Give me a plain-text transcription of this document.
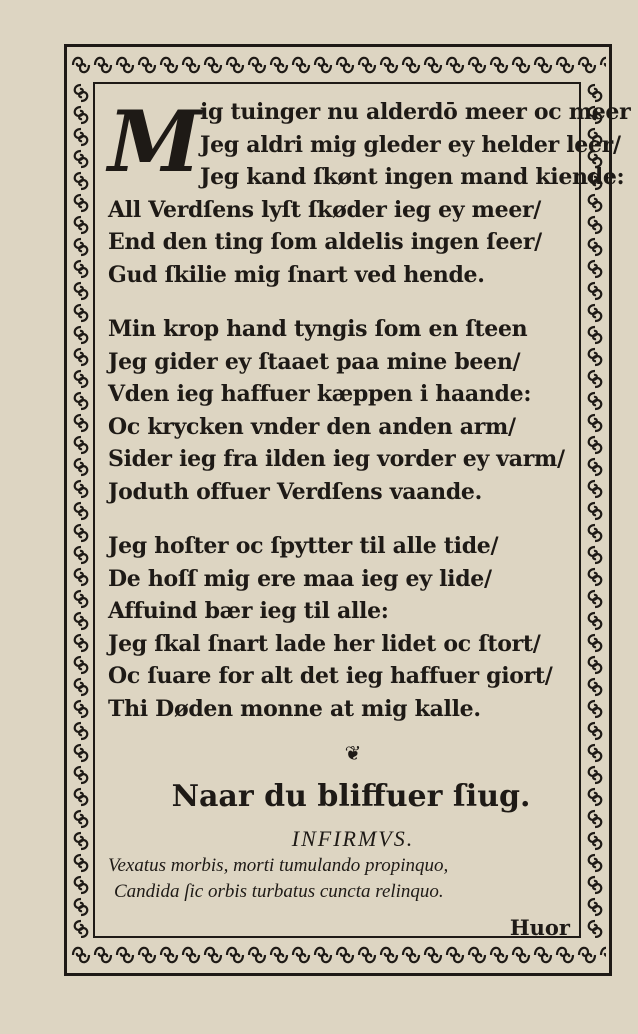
M ig tuinger nu alderdō meer oc meer
Jeg aldri mig gleder ey helder leer/
Jeg kand ſkønt ingen mand kiende:
All Verdſens lyſt ſkøder ieg ey meer/
End den ting ſom aldelis ingen ſeer/
Gud ſkilie mig ſnart ved hende.
Min krop hand tyngis ſom en ſteen
Jeg gider ey ſtaaet paa mine been/
Vden ieg haffuer kæppen i haande:
Oc krycken vnder den anden arm/
Sider ieg fra ilden ieg vorder ey varm/
Joduth offuer Verdſens vaande.
Jeg hoſter oc ſpytter til alle tide/
De hoſſ mig ere maa ieg ey lide/
Affuind bær ieg til alle:
Jeg ſkal ſnart lade her lidet oc ſtort/
Oc ſuare for alt det ieg haffuer giort/
Thi Døden monne at mig kalle.
❦
Naar du bliffuer ſiug.
INFIRMVS.
Vexatus morbis, morti tumulando propinquo,
Candida ſic orbis turbatus cuncta relinquo.
Huor
